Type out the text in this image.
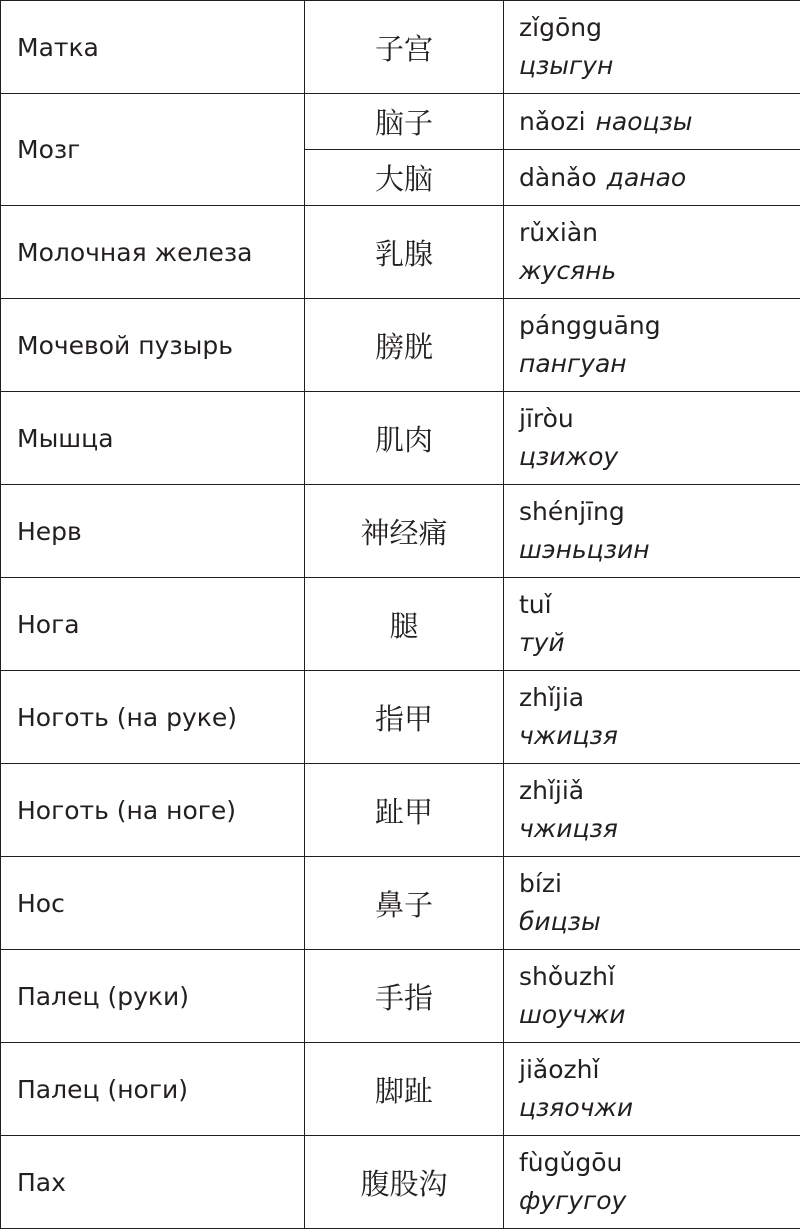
Матка	子宫	zǐgōng
цзыгун

Мозг	脑子	nǎozi наоцзы
	大脑	dànǎo данао
Молочная железа	乳腺	rǔxiàn
жусянь

Мочевой пузырь	膀胱	pángguāng
пангуан

Мышца	肌肉	jīròu
цзижоу

Нерв	神经痛	shénjīng
шэньцзин

Нога	腿	tuǐ
туй

Ноготь (на руке)	指甲	zhǐjia
чжицзя

Ноготь (на ноге)	趾甲	zhǐjiǎ
чжицзя

Нос	鼻子	bízi
бицзы

Палец (руки)	手指	shǒuzhǐ
шоучжи

Палец (ноги)	脚趾	jiǎozhǐ
цзяочжи

Пах	腹股沟	fùgǔgōu
фугугоу
